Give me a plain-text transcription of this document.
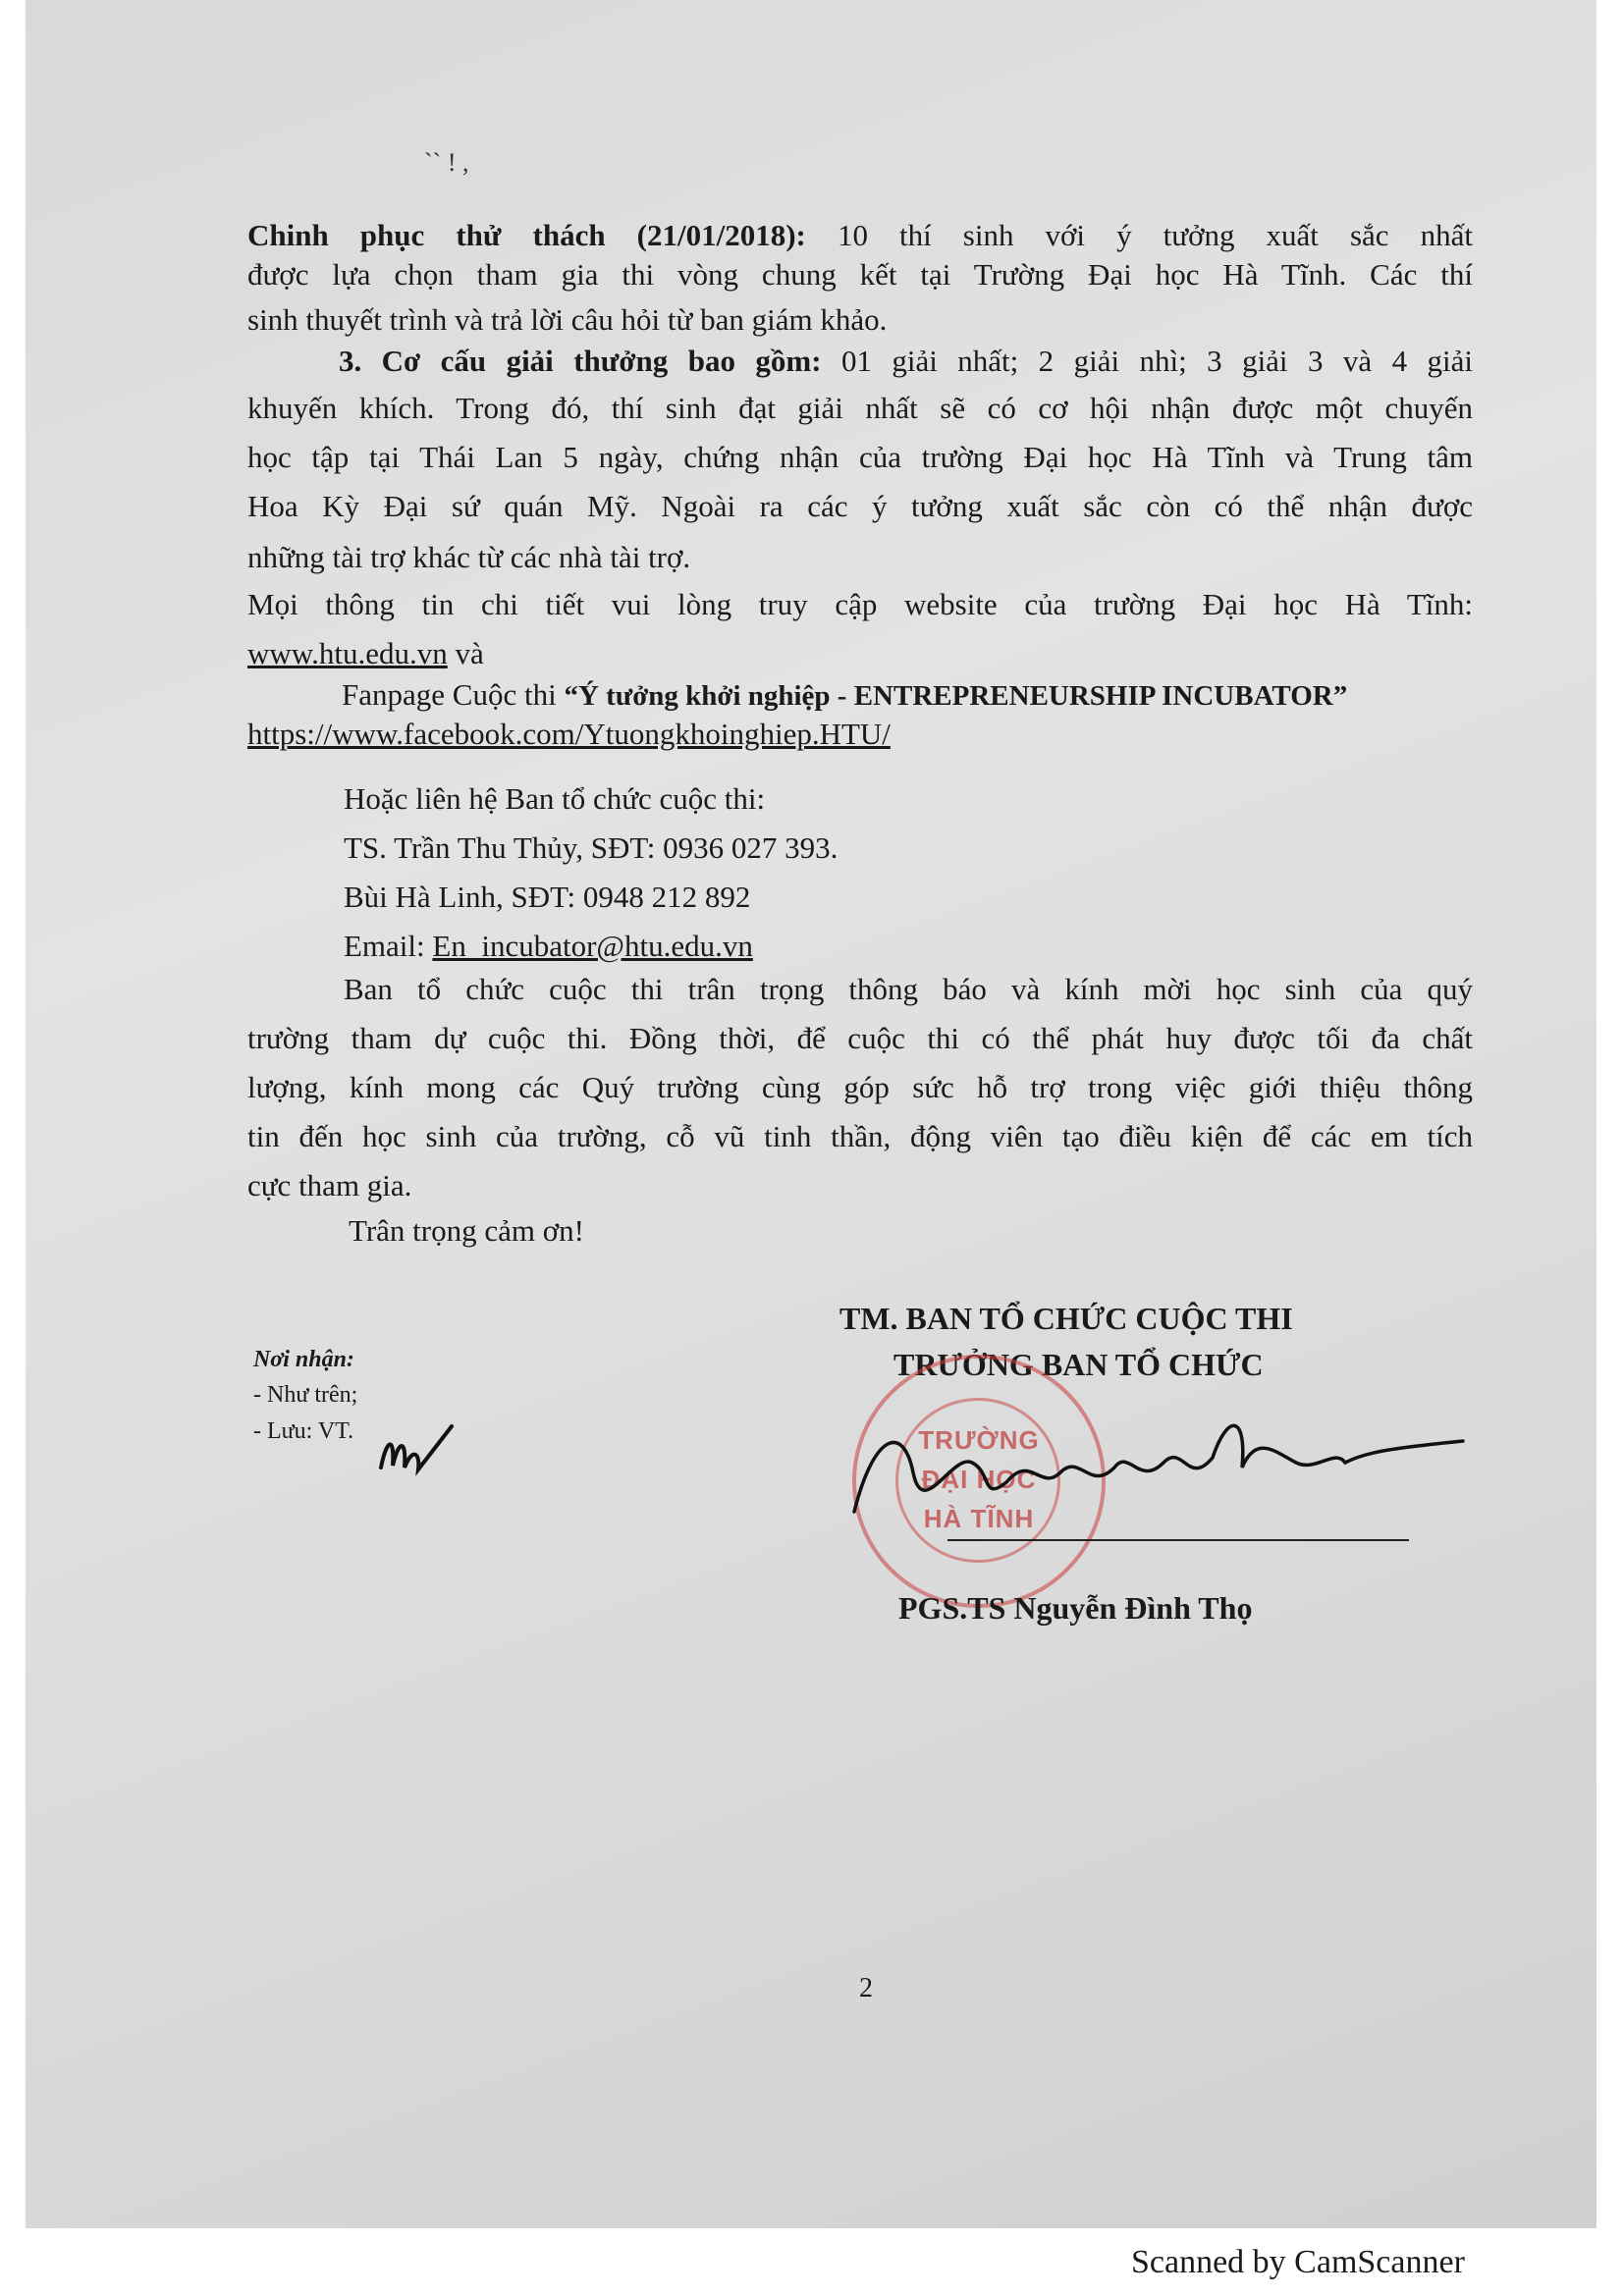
ˋˋ ! ,
Chinh phục thử thách (21/01/2018): 10 thí sinh với ý tưởng xuất sắc nhất
được lựa chọn tham gia thi vòng chung kết tại Trường Đại học Hà Tĩnh. Các thí
sinh thuyết trình và trả lời câu hỏi từ ban giám khảo.
3. Cơ cấu giải thưởng bao gồm: 01 giải nhất; 2 giải nhì; 3 giải 3 và 4 giải
khuyến khích. Trong đó, thí sinh đạt giải nhất sẽ có cơ hội nhận được một chuyến
học tập tại Thái Lan 5 ngày, chứng nhận của trường Đại học Hà Tĩnh và Trung tâm
Hoa Kỳ Đại sứ quán Mỹ. Ngoài ra các ý tưởng xuất sắc còn có thể nhận được
những tài trợ khác từ các nhà tài trợ.
Mọi thông tin chi tiết vui lòng truy cập website của trường Đại học Hà Tĩnh:
www.htu.edu.vn và
Fanpage Cuộc thi “Ý tưởng khởi nghiệp - ENTREPRENEURSHIP INCUBATOR”
https://www.facebook.com/Ytuongkhoinghiep.HTU/
Hoặc liên hệ Ban tổ chức cuộc thi:
TS. Trần Thu Thủy, SĐT: 0936 027 393.
Bùi Hà Linh, SĐT: 0948 212 892
Email: En_incubator@htu.edu.vn
Ban tổ chức cuộc thi trân trọng thông báo và kính mời học sinh của quý
trường tham dự cuộc thi. Đồng thời, để cuộc thi có thể phát huy được tối đa chất
lượng, kính mong các Quý trường cùng góp sức hỗ trợ trong việc giới thiệu thông
tin đến học sinh của trường, cỗ vũ tinh thần, động viên tạo điều kiện để các em tích
cực tham gia.
Trân trọng cảm ơn!
Nơi nhận:
- Như trên;
- Lưu: VT.
TM. BAN TỔ CHỨC CUỘC THI
TRƯỞNG BAN TỔ CHỨC
TRƯỜNG
ĐẠI HỌC
HÀ TĨNH
PGS.TS Nguyễn Đình Thọ
2
Scanned by CamScanner
